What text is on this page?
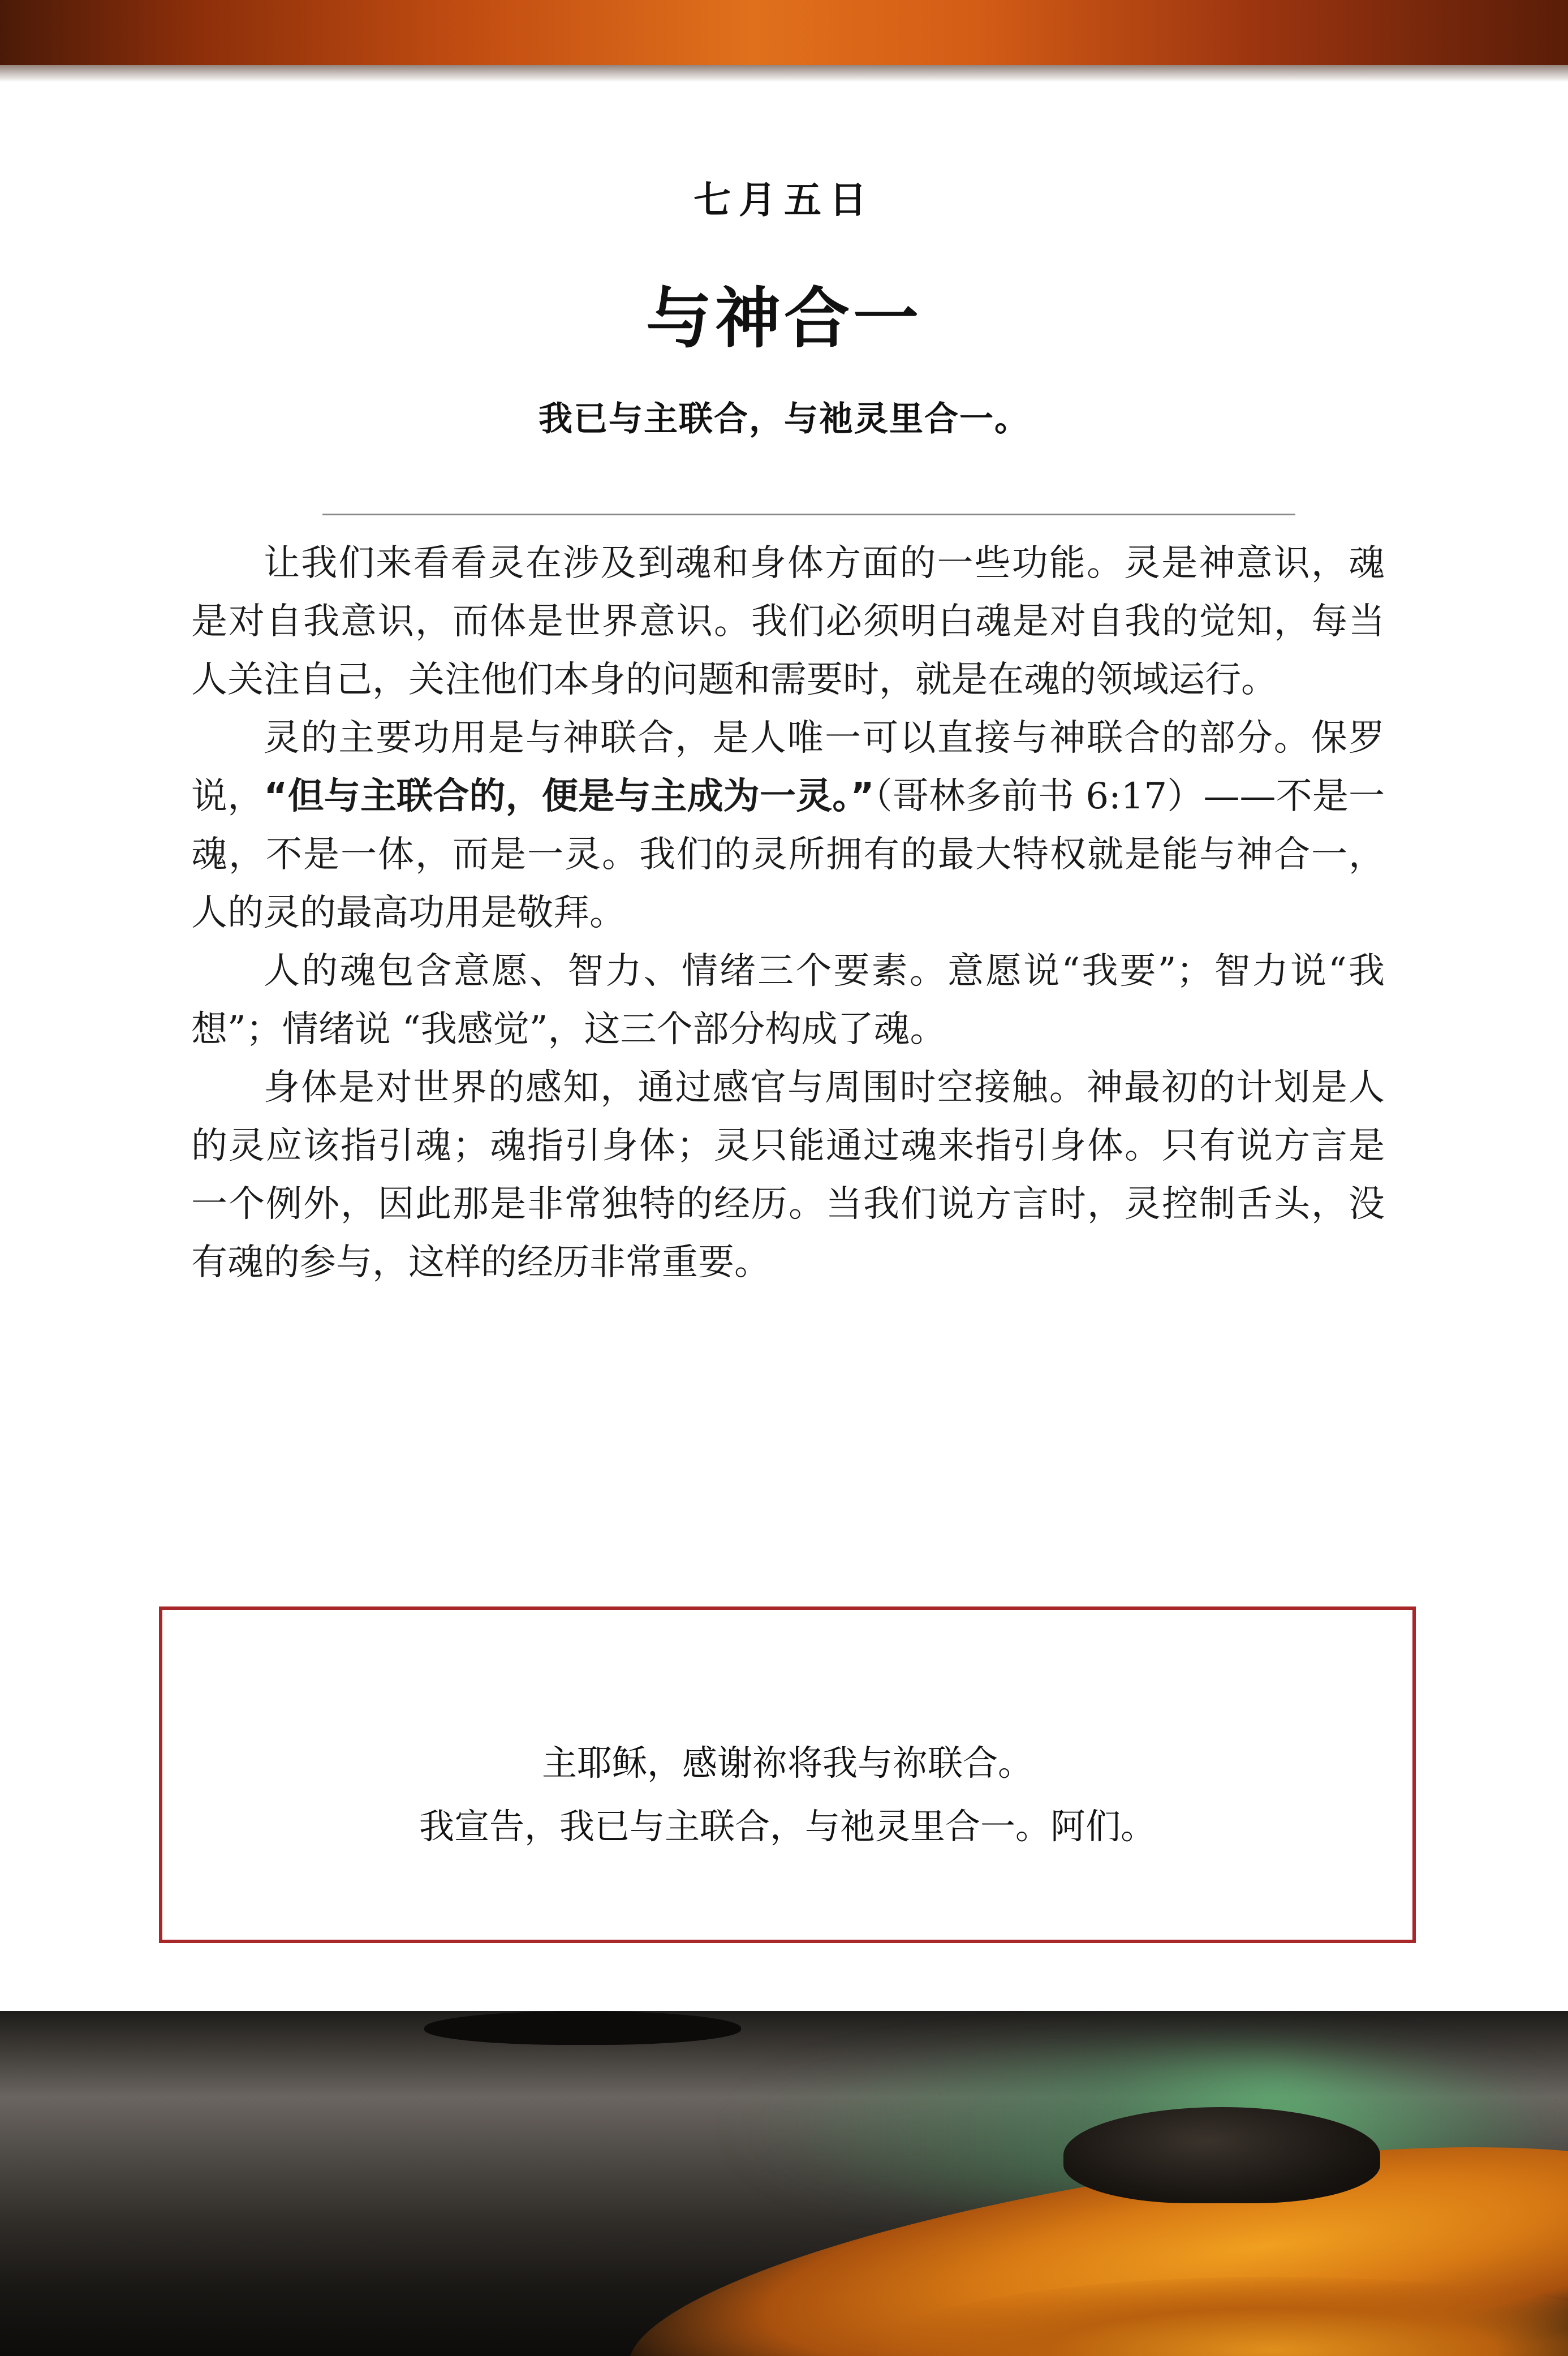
七月五日
与神合一
我已与主联合，与祂灵里合一。

让我们来看看灵在涉及到魂和身体方面的一些功能。灵是神意识，魂是对自我意识，而体是世界意识。我们必须明白魂是对自我的觉知，每当人关注自己，关注他们本身的问题和需要时，就是在魂的领域运行。

灵的主要功用是与神联合，是人唯一可以直接与神联合的部分。保罗说，“但与主联合的，便是与主成为一灵。”（哥林多前书 6:17）——不是一魂，不是一体，而是一灵。我们的灵所拥有的最大特权就是能与神合一，人的灵的最高功用是敬拜。

人的魂包含意愿、智力、情绪三个要素。意愿说“我要”；智力说“我想”；情绪说 “我感觉”，这三个部分构成了魂。

身体是对世界的感知，通过感官与周围时空接触。神最初的计划是人的灵应该指引魂；魂指引身体；灵只能通过魂来指引身体。只有说方言是一个例外，因此那是非常独特的经历。当我们说方言时，灵控制舌头，没有魂的参与，这样的经历非常重要。

主耶稣，感谢祢将我与祢联合。
我宣告，我已与主联合，与祂灵里合一。阿们。
